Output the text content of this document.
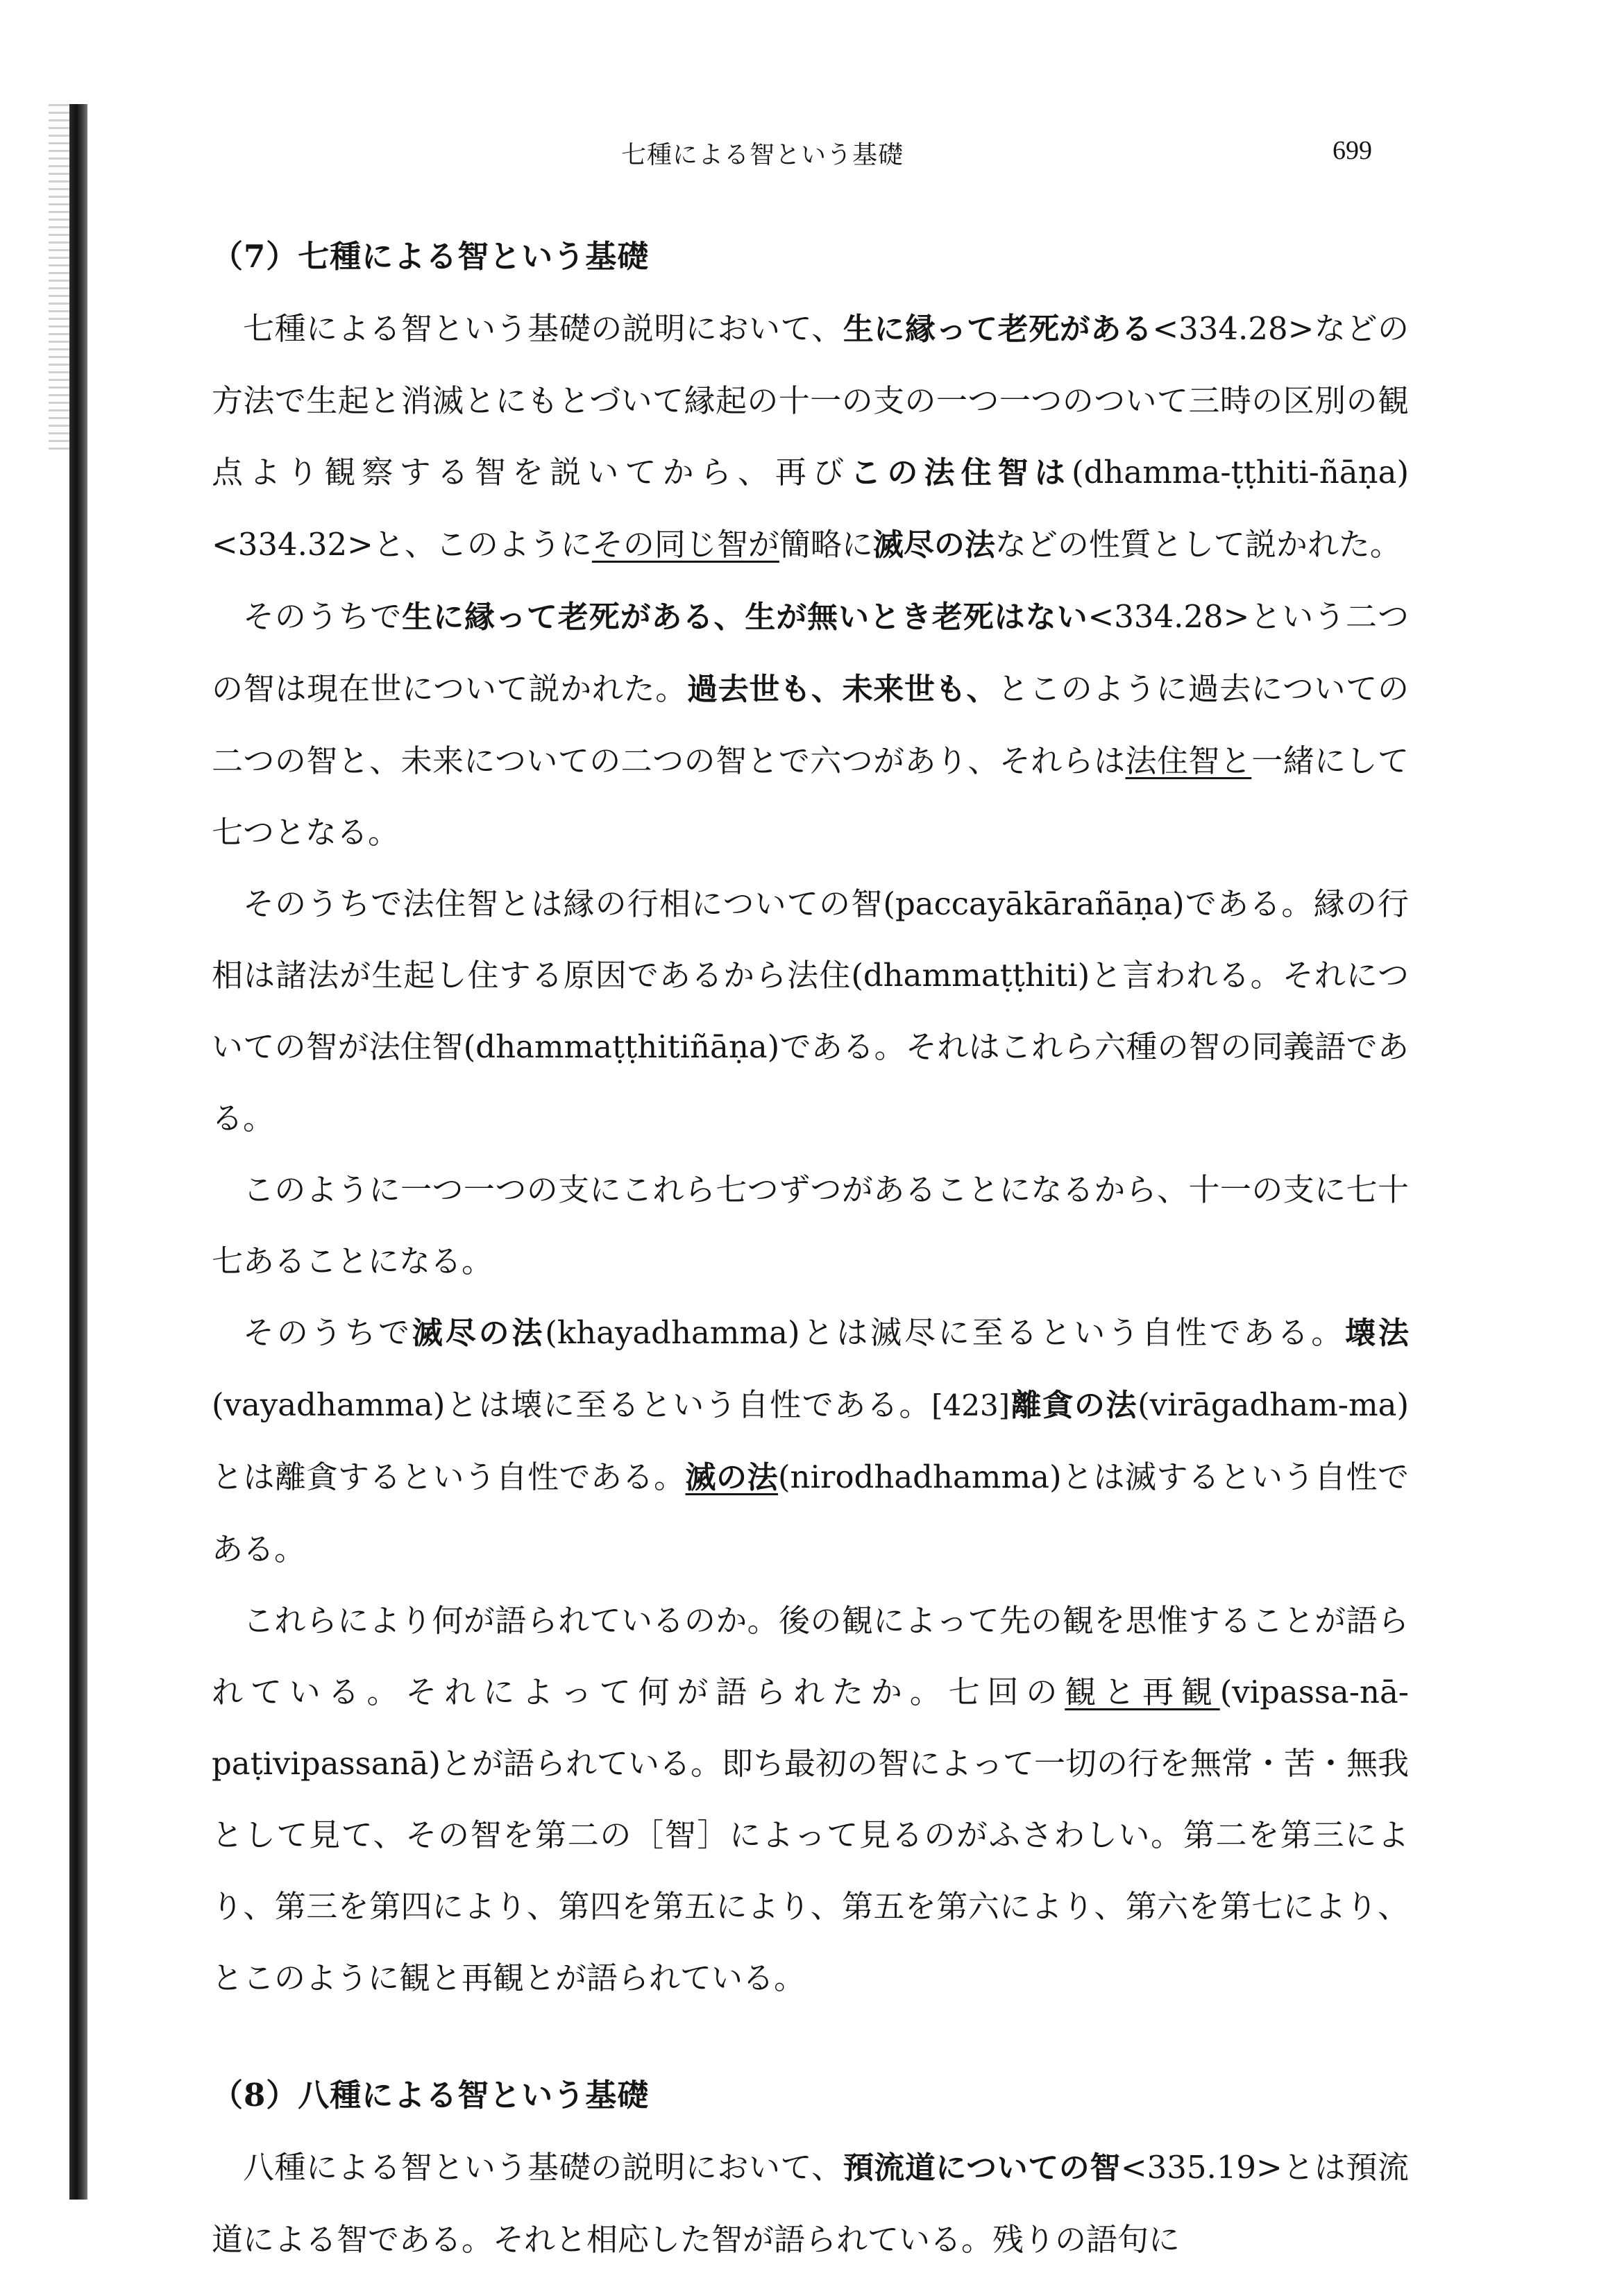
七種による智という基礎	699
（7）七種による智という基礎

七種による智という基礎の説明において、生に縁って老死がある<334.28>などの方法で生起と消滅とにもとづいて縁起の十一の支の一つ一つのついて三時の区別の観点より観察する智を説いてから、再びこの法住智は(dhamma-ṭṭhiti-ñāṇa)<334.32>と、このようにその同じ智が簡略に滅尽の法などの性質として説かれた。

そのうちで生に縁って老死がある、生が無いとき老死はない<334.28>という二つの智は現在世について説かれた。過去世も、未来世も、とこのように過去についての二つの智と、未来についての二つの智とで六つがあり、それらは法住智と一緒にして七つとなる。

そのうちで法住智とは縁の行相についての智(paccayākārañāṇa)である。縁の行相は諸法が生起し住する原因であるから法住(dhammaṭṭhiti)と言われる。それについての智が法住智(dhammaṭṭhitiñāṇa)である。それはこれら六種の智の同義語である。

このように一つ一つの支にこれら七つずつがあることになるから、十一の支に七十七あることになる。

そのうちで滅尽の法(khayadhamma)とは滅尽に至るという自性である。壊法(vayadhamma)とは壊に至るという自性である。[423]離貪の法(virāgadham-ma)とは離貪するという自性である。滅の法(nirodhadhamma)とは滅するという自性である。

これらにより何が語られているのか。後の観によって先の観を思惟することが語られている。それによって何が語られたか。七回の観と再観(vipassa-nā-paṭivipassanā)とが語られている。即ち最初の智によって一切の行を無常・苦・無我として見て、その智を第二の［智］によって見るのがふさわしい。第二を第三により、第三を第四により、第四を第五により、第五を第六により、第六を第七により、とこのように観と再観とが語られている。

（8）八種による智という基礎

八種による智という基礎の説明において、預流道についての智<335.19>とは預流道による智である。それと相応した智が語られている。残りの語句に
